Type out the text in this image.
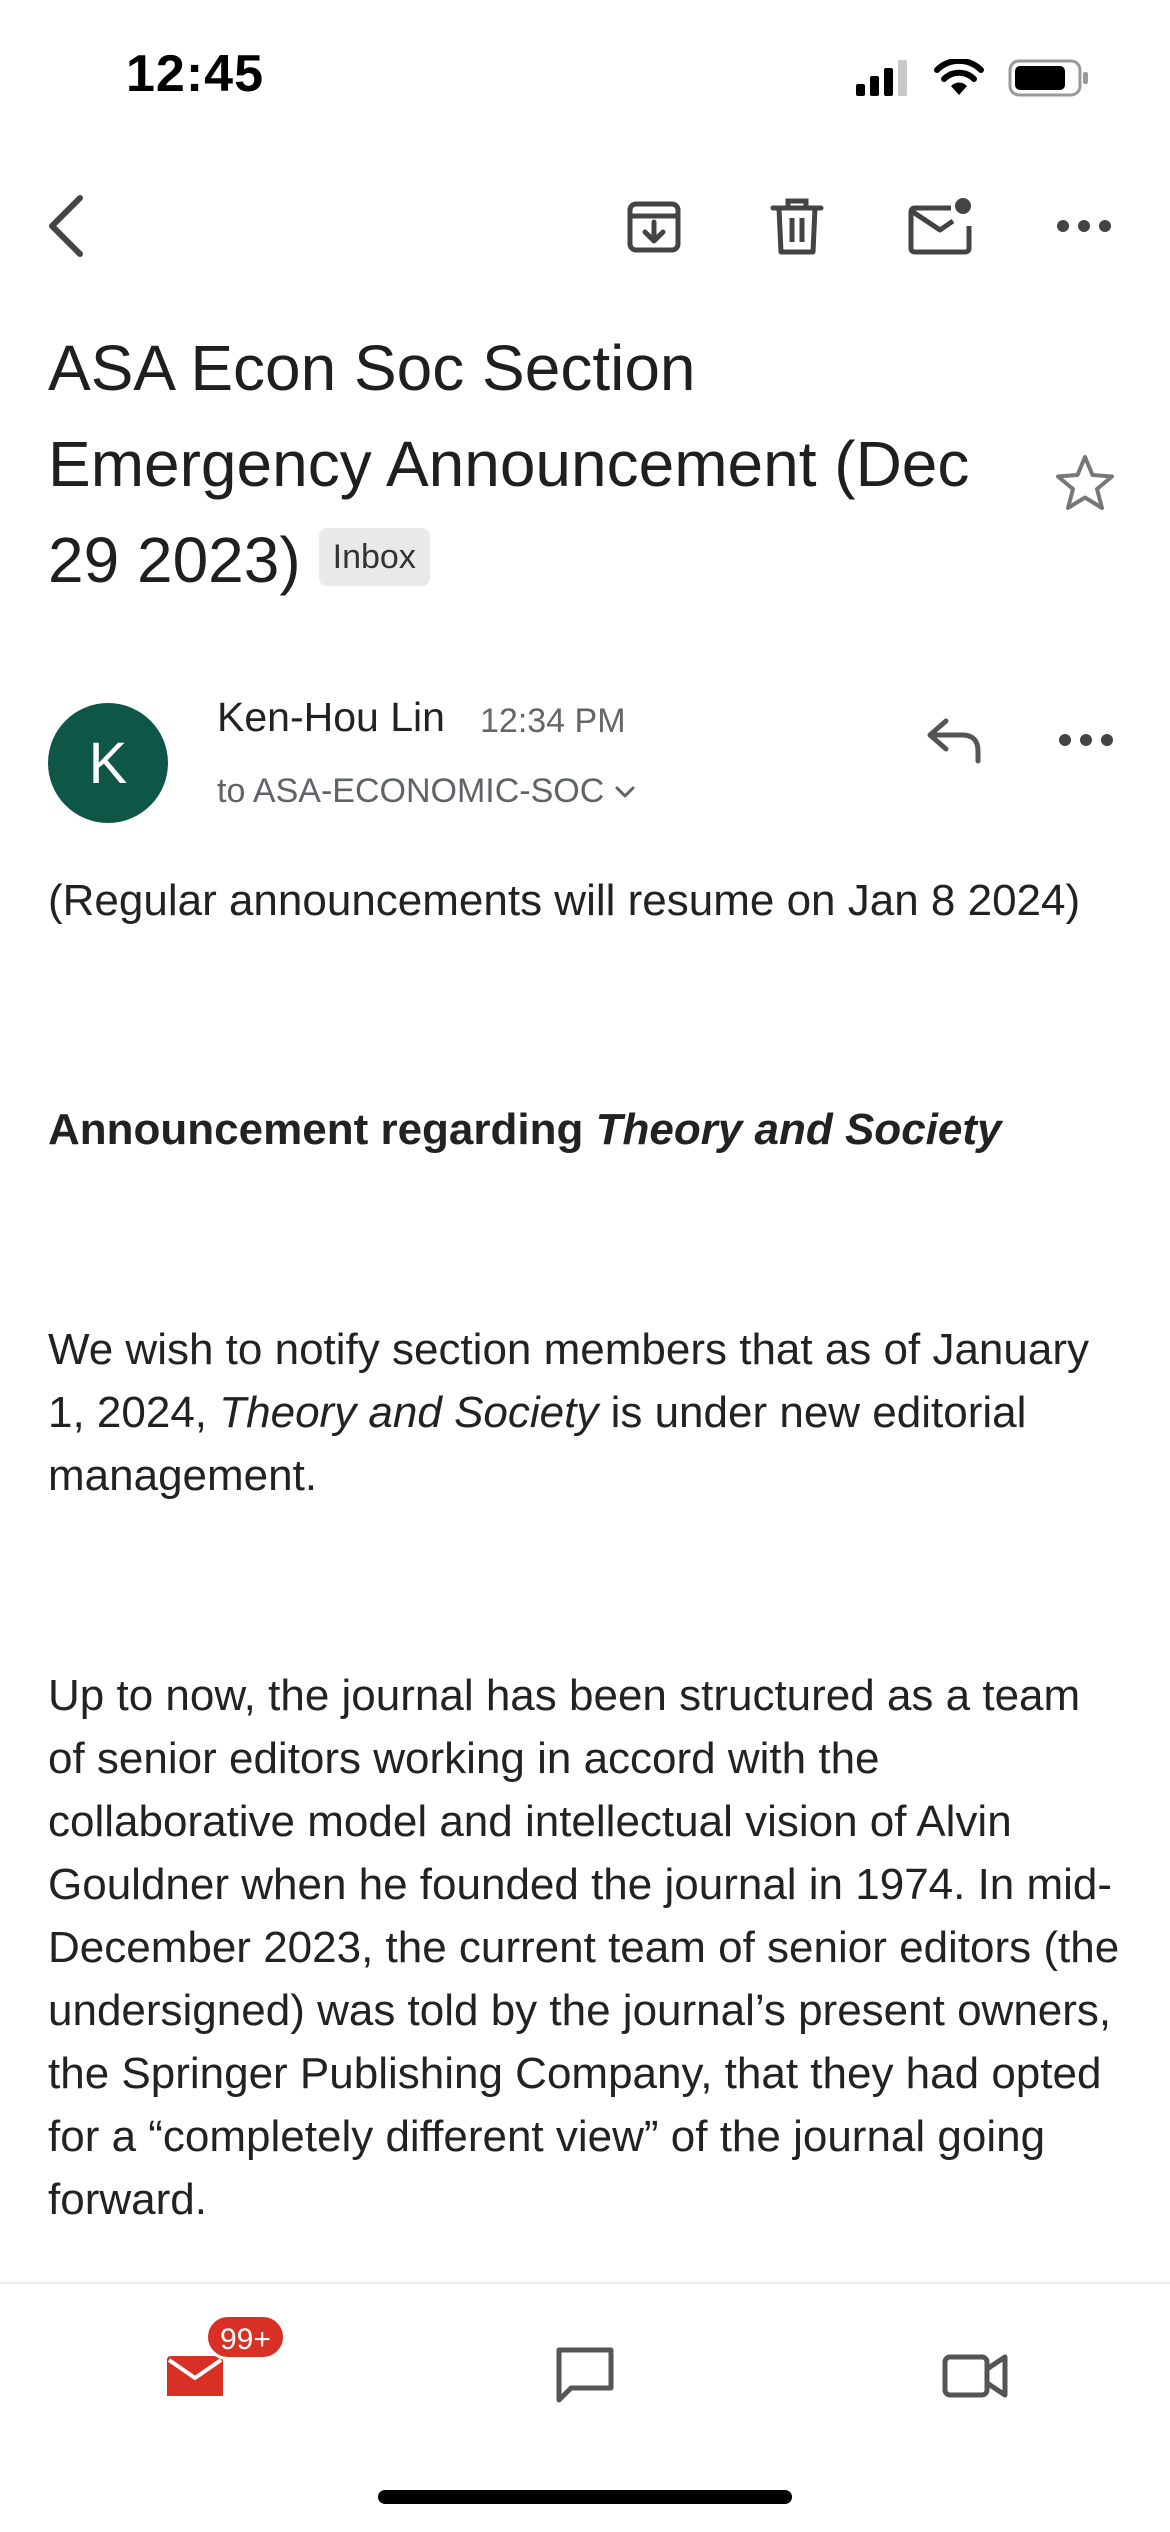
12:45
ASA Econ Soc Section Emergency Announcement (Dec 29 2023) Inbox
K
Ken-Hou Lin 12:34 PM
to ASA-ECONOMIC-SOC
(Regular announcements will resume on Jan 8 2024)
Announcement regarding Theory and Society
We wish to notify section members that as of January 1, 2024, Theory and Society is under new editorial management.
Up to now, the journal has been structured as a team of senior editors working in accord with the collaborative model and intellectual vision of Alvin Gouldner when he founded the journal in 1974. In mid-December 2023, the current team of senior editors (the undersigned) was told by the journal’s present owners, the Springer Publishing Company, that they had opted for a “completely different view” of the journal going forward.
99+
